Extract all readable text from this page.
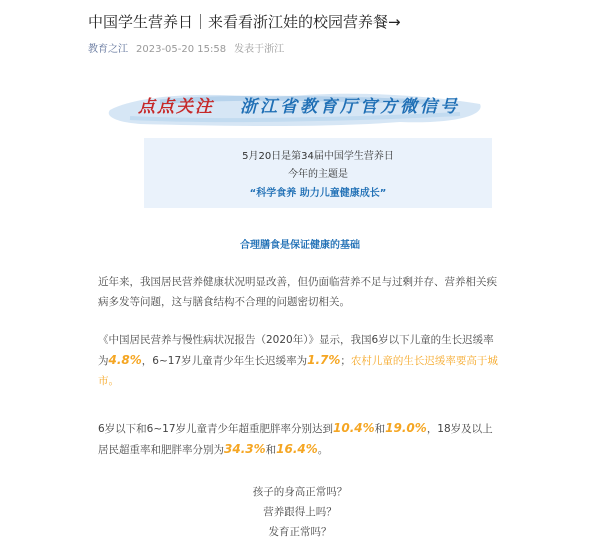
中国学生营养日｜来看看浙江娃的校园营养餐→
教育之江 2023-05-20 15:58 发表于浙江
点点关注 浙江省教育厅官方微信号
5月20日是第34届中国学生营养日
今年的主题是
“科学食养 助力儿童健康成长”
合理膳食是保证健康的基础
近年来，我国居民营养健康状况明显改善，但仍面临营养不足与过剩并存、营养相关疾病多发等问题，这与膳食结构不合理的问题密切相关。
《中国居民营养与慢性病状况报告（2020年）》显示，我国6岁以下儿童的生长迟缓率为4.8%，6~17岁儿童青少年生长迟缓率为1.7%；农村儿童的生长迟缓率要高于城市。
6岁以下和6~17岁儿童青少年超重肥胖率分别达到10.4%和19.0%，18岁及以上居民超重率和肥胖率分别为34.3%和16.4%。
孩子的身高正常吗？
营养跟得上吗？
发育正常吗？
